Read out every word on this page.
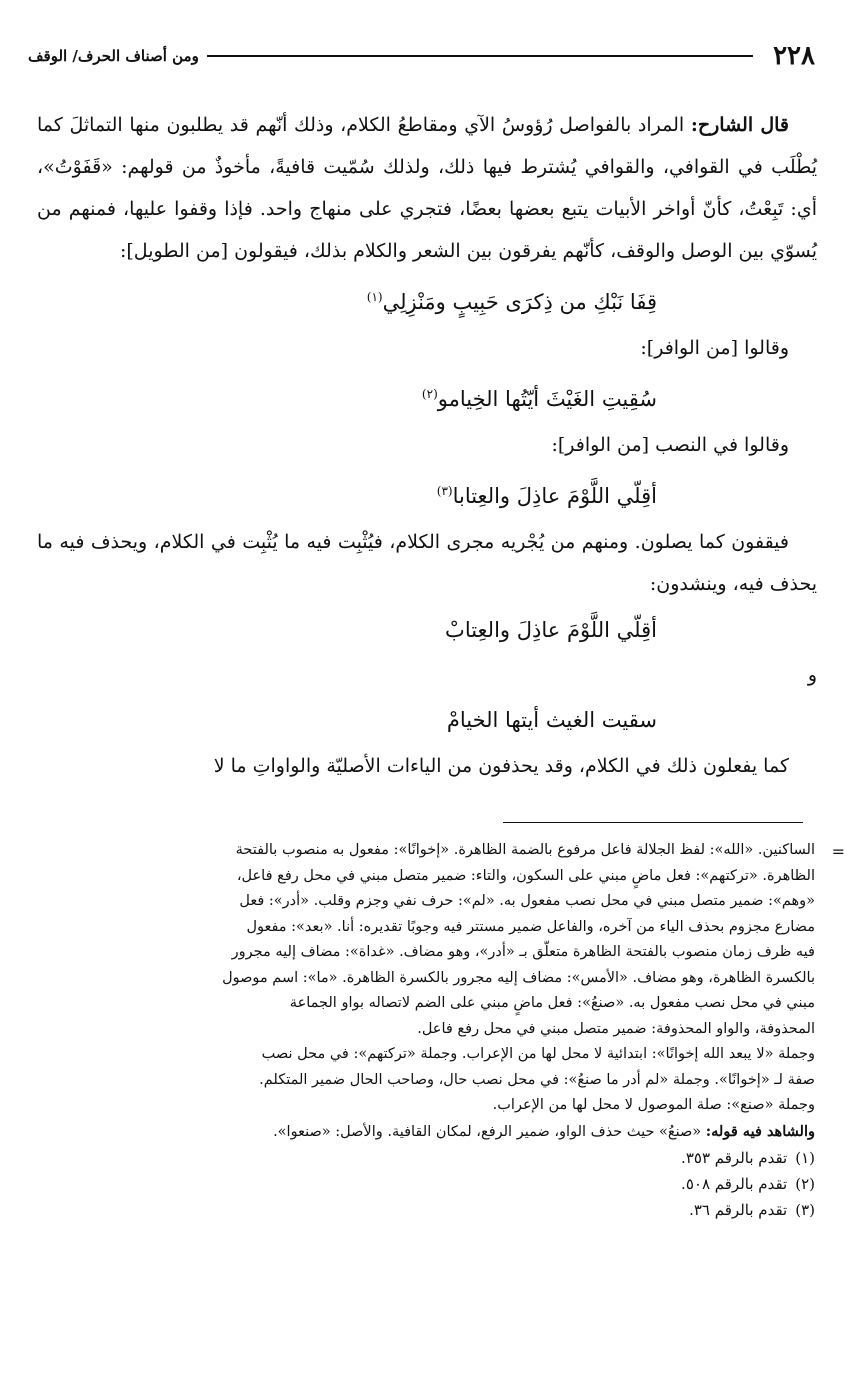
٢٢٨
ومن أصناف الحرف/ الوقف

قال الشارح: المراد بالفواصل رُؤوسُ الآي ومقاطعُ الكلام، وذلك أنّهم قد يطلبون منها التماثلَ كما يُطْلَب في القوافي، والقوافي يُشترط فيها ذلك، ولذلك سُمّيت قافيةً، مأخوذٌ من قولهم: «قَفَوْتُ»، أي: تَبِعْتُ، كأنّ أواخر الأبيات يتبع بعضها بعضًا، فتجري على منهاج واحد. فإذا وقفوا عليها، فمنهم من يُسوّي بين الوصل والوقف، كأنّهم يفرقون بين الشعر والكلام بذلك، فيقولون [من الطويل]:

قِفَا نَبْكِ من ذِكرَى حَبِيبٍ ومَنْزِلِي$^{(١)}$

وقالوا [من الوافر]:

سُقِيتِ الغَيْثَ أيّتُها الخِيامو$^{(٢)}$

وقالوا في النصب [من الوافر]:

أقِلّي اللَّوْمَ عاذِلَ والعِتابا$^{(٣)}$

فيقفون كما يصلون. ومنهم من يُجْريه مجرى الكلام، فيُثْبِت فيه ما يُثْبِت في الكلام، ويحذف فيه ما يحذف فيه، وينشدون:

أقِلّي اللَّوْمَ عاذِلَ والعِتابْ

و

سقيت الغيث أيتها الخيامْ

كما يفعلون ذلك في الكلام، وقد يحذفون من الياءات الأصليّة والواواتِ ما لا

=

الساكنين. «الله»: لفظ الجلالة فاعل مرفوع بالضمة الظاهرة. «إخوانًا»: مفعول به منصوب بالفتحة

الظاهرة. «تركتهم»: فعل ماضٍ مبني على السكون، والتاء: ضمير متصل مبني في محل رفع فاعل،

«وهم»: ضمير متصل مبني في محل نصب مفعول به. «لم»: حرف نفي وجزم وقلب. «أدر»: فعل

مضارع مجزوم بحذف الياء من آخره، والفاعل ضمير مستتر فيه وجوبًا تقديره: أنا. «بعد»: مفعول

فيه ظرف زمان منصوب بالفتحة الظاهرة متعلّق بـ «أدر»، وهو مضاف. «غداة»: مضاف إليه مجرور

بالكسرة الظاهرة، وهو مضاف. «الأمس»: مضاف إليه مجرور بالكسرة الظاهرة. «ما»: اسم موصول

مبني في محل نصب مفعول به. «صنعُ»: فعل ماضٍ مبني على الضم لاتصاله بواو الجماعة

المحذوفة، والواو المحذوفة: ضمير متصل مبني في محل رفع فاعل.

وجملة «لا يبعد الله إخوانًا»: ابتدائية لا محل لها من الإعراب. وجملة «تركتهم»: في محل نصب

صفة لـ «إخوانًا». وجملة «لم أدر ما صنعُ»: في محل نصب حال، وصاحب الحال ضمير المتكلم.

وجملة «صنع»: صلة الموصول لا محل لها من الإعراب.

والشاهد فيه قوله: «صنعُ» حيث حذف الواو، ضمير الرفع، لمكان القافية. والأصل: «صنعوا».

(١)تقدم بالرقم ٣٥٣.

(٢)تقدم بالرقم ٥٠٨.

(٣)تقدم بالرقم ٣٦.
